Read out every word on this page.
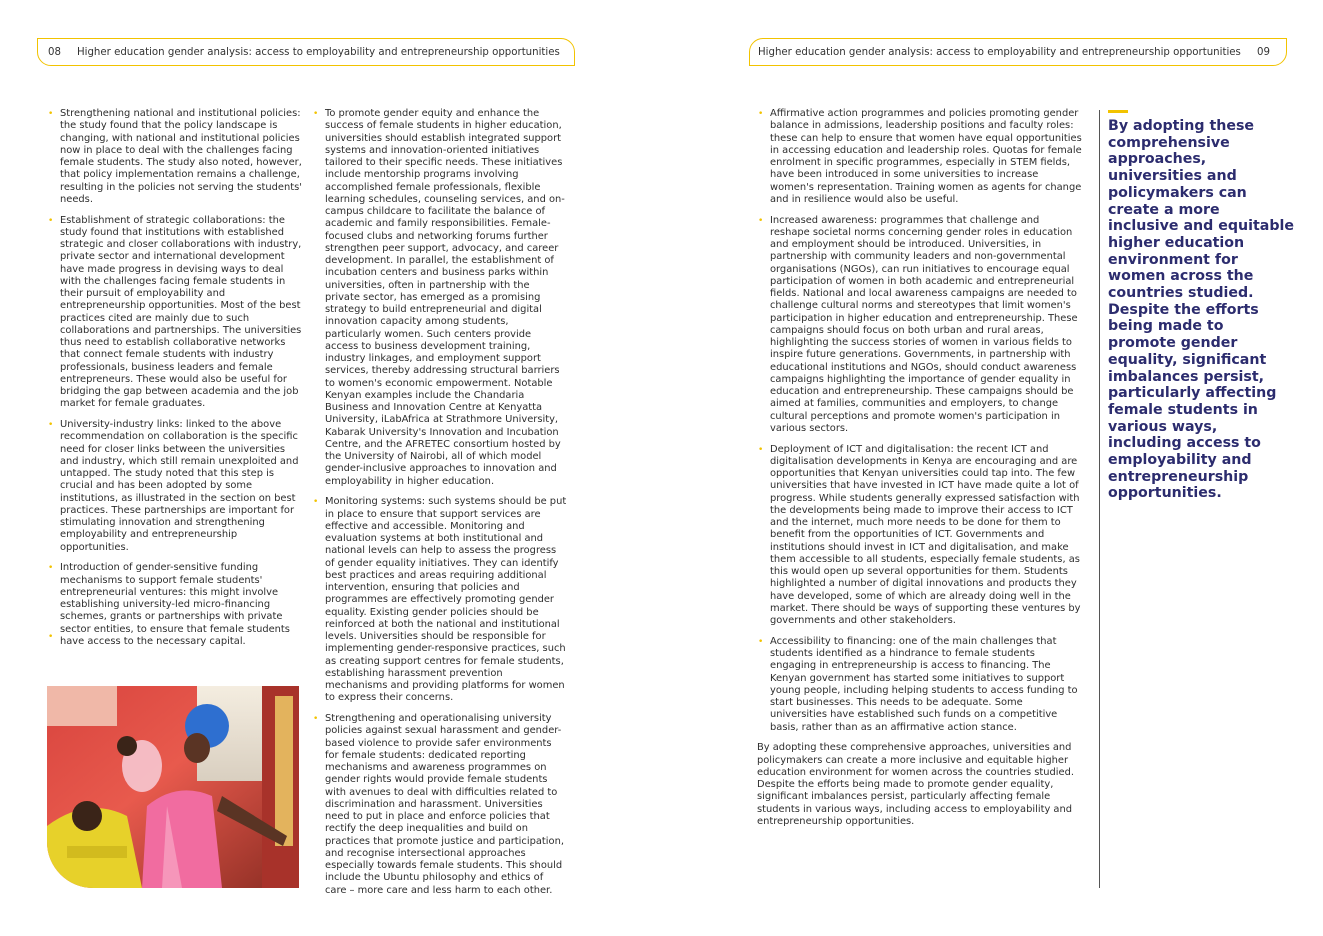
08 Higher education gender analysis: access to employability and entrepreneurship opportunities	Higher education gender analysis: access to employability and entrepreneurship opportunities 09
• Strengthening national and institutional policies: the study found that the policy landscape is changing, with national and institutional policies now in place to deal with the challenges facing female students. The study also noted, however, that policy implementation remains a challenge, resulting in the policies not serving the students' needs.
• Establishment of strategic collaborations: the study found that institutions with established strategic and closer collaborations with industry, private sector and international development have made progress in devising ways to deal with the challenges facing female students in their pursuit of employability and entrepreneurship opportunities. Most of the best practices cited are mainly due to such collaborations and partnerships. The universities thus need to establish collaborative networks that connect female students with industry professionals, business leaders and female entrepreneurs. These would also be useful for bridging the gap between academia and the job market for female graduates.
• University-industry links: linked to the above recommendation on collaboration is the specific need for closer links between the universities and industry, which still remain unexploited and untapped. The study noted that this step is crucial and has been adopted by some institutions, as illustrated in the section on best practices. These partnerships are important for stimulating innovation and strengthening employability and entrepreneurship opportunities.
• Introduction of gender-sensitive funding mechanisms to support female students' entrepreneurial ventures: this might involve establishing university-led micro-financing schemes, grants or partnerships with private sector entities, to ensure that female students have access to the necessary capital.
•
• To promote gender equity and enhance the success of female students in higher education, universities should establish integrated support systems and innovation-oriented initiatives tailored to their specific needs. These initiatives include mentorship programs involving accomplished female professionals, flexible learning schedules, counseling services, and on-campus childcare to facilitate the balance of academic and family responsibilities. Female-focused clubs and networking forums further strengthen peer support, advocacy, and career development. In parallel, the establishment of incubation centers and business parks within universities, often in partnership with the private sector, has emerged as a promising strategy to build entrepreneurial and digital innovation capacity among students, particularly women. Such centers provide access to business development training, industry linkages, and employment support services, thereby addressing structural barriers to women's economic empowerment. Notable Kenyan examples include the Chandaria Business and Innovation Centre at Kenyatta University, iLabAfrica at Strathmore University, Kabarak University's Innovation and Incubation Centre, and the AFRETEC consortium hosted by the University of Nairobi, all of which model gender-inclusive approaches to innovation and employability in higher education.
• Monitoring systems: such systems should be put in place to ensure that support services are effective and accessible. Monitoring and evaluation systems at both institutional and national levels can help to assess the progress of gender equality initiatives. They can identify best practices and areas requiring additional intervention, ensuring that policies and programmes are effectively promoting gender equality. Existing gender policies should be reinforced at both the national and institutional levels. Universities should be responsible for implementing gender-responsive practices, such as creating support centres for female students, establishing harassment prevention mechanisms and providing platforms for women to express their concerns.
• Strengthening and operationalising university policies against sexual harassment and gender-based violence to provide safer environments for female students: dedicated reporting mechanisms and awareness programmes on gender rights would provide female students with avenues to deal with difficulties related to discrimination and harassment. Universities need to put in place and enforce policies that rectify the deep inequalities and build on practices that promote justice and participation, and recognise intersectional approaches especially towards female students. This should include the Ubuntu philosophy and ethics of care – more care and less harm to each other.
• Affirmative action programmes and policies promoting gender balance in admissions, leadership positions and faculty roles: these can help to ensure that women have equal opportunities in accessing education and leadership roles. Quotas for female enrolment in specific programmes, especially in STEM fields, have been introduced in some universities to increase women's representation. Training women as agents for change and in resilience would also be useful.
• Increased awareness: programmes that challenge and reshape societal norms concerning gender roles in education and employment should be introduced. Universities, in partnership with community leaders and non-governmental organisations (NGOs), can run initiatives to encourage equal participation of women in both academic and entrepreneurial fields. National and local awareness campaigns are needed to challenge cultural norms and stereotypes that limit women's participation in higher education and entrepreneurship. These campaigns should focus on both urban and rural areas, highlighting the success stories of women in various fields to inspire future generations. Governments, in partnership with educational institutions and NGOs, should conduct awareness campaigns highlighting the importance of gender equality in education and entrepreneurship. These campaigns should be aimed at families, communities and employers, to change cultural perceptions and promote women's participation in various sectors.
• Deployment of ICT and digitalisation: the recent ICT and digitalisation developments in Kenya are encouraging and are opportunities that Kenyan universities could tap into. The few universities that have invested in ICT have made quite a lot of progress. While students generally expressed satisfaction with the developments being made to improve their access to ICT and the internet, much more needs to be done for them to benefit from the opportunities of ICT. Governments and institutions should invest in ICT and digitalisation, and make them accessible to all students, especially female students, as this would open up several opportunities for them. Students highlighted a number of digital innovations and products they have developed, some of which are already doing well in the market. There should be ways of supporting these ventures by governments and other stakeholders.
• Accessibility to financing: one of the main challenges that students identified as a hindrance to female students engaging in entrepreneurship is access to financing. The Kenyan government has started some initiatives to support young people, including helping students to access funding to start businesses. This needs to be adequate. Some universities have established such funds on a competitive basis, rather than as an affirmative action stance.

By adopting these comprehensive approaches, universities and policymakers can create a more inclusive and equitable higher education environment for women across the countries studied. Despite the efforts being made to promote gender equality, significant imbalances persist, particularly affecting female students in various ways, including access to employability and entrepreneurship opportunities.

By adopting these comprehensive approaches, universities and policymakers can create a more inclusive and equitable higher education environment for women across the countries studied. Despite the efforts being made to promote gender equality, significant imbalances persist, particularly affecting female students in various ways, including access to employability and entrepreneurship opportunities.
